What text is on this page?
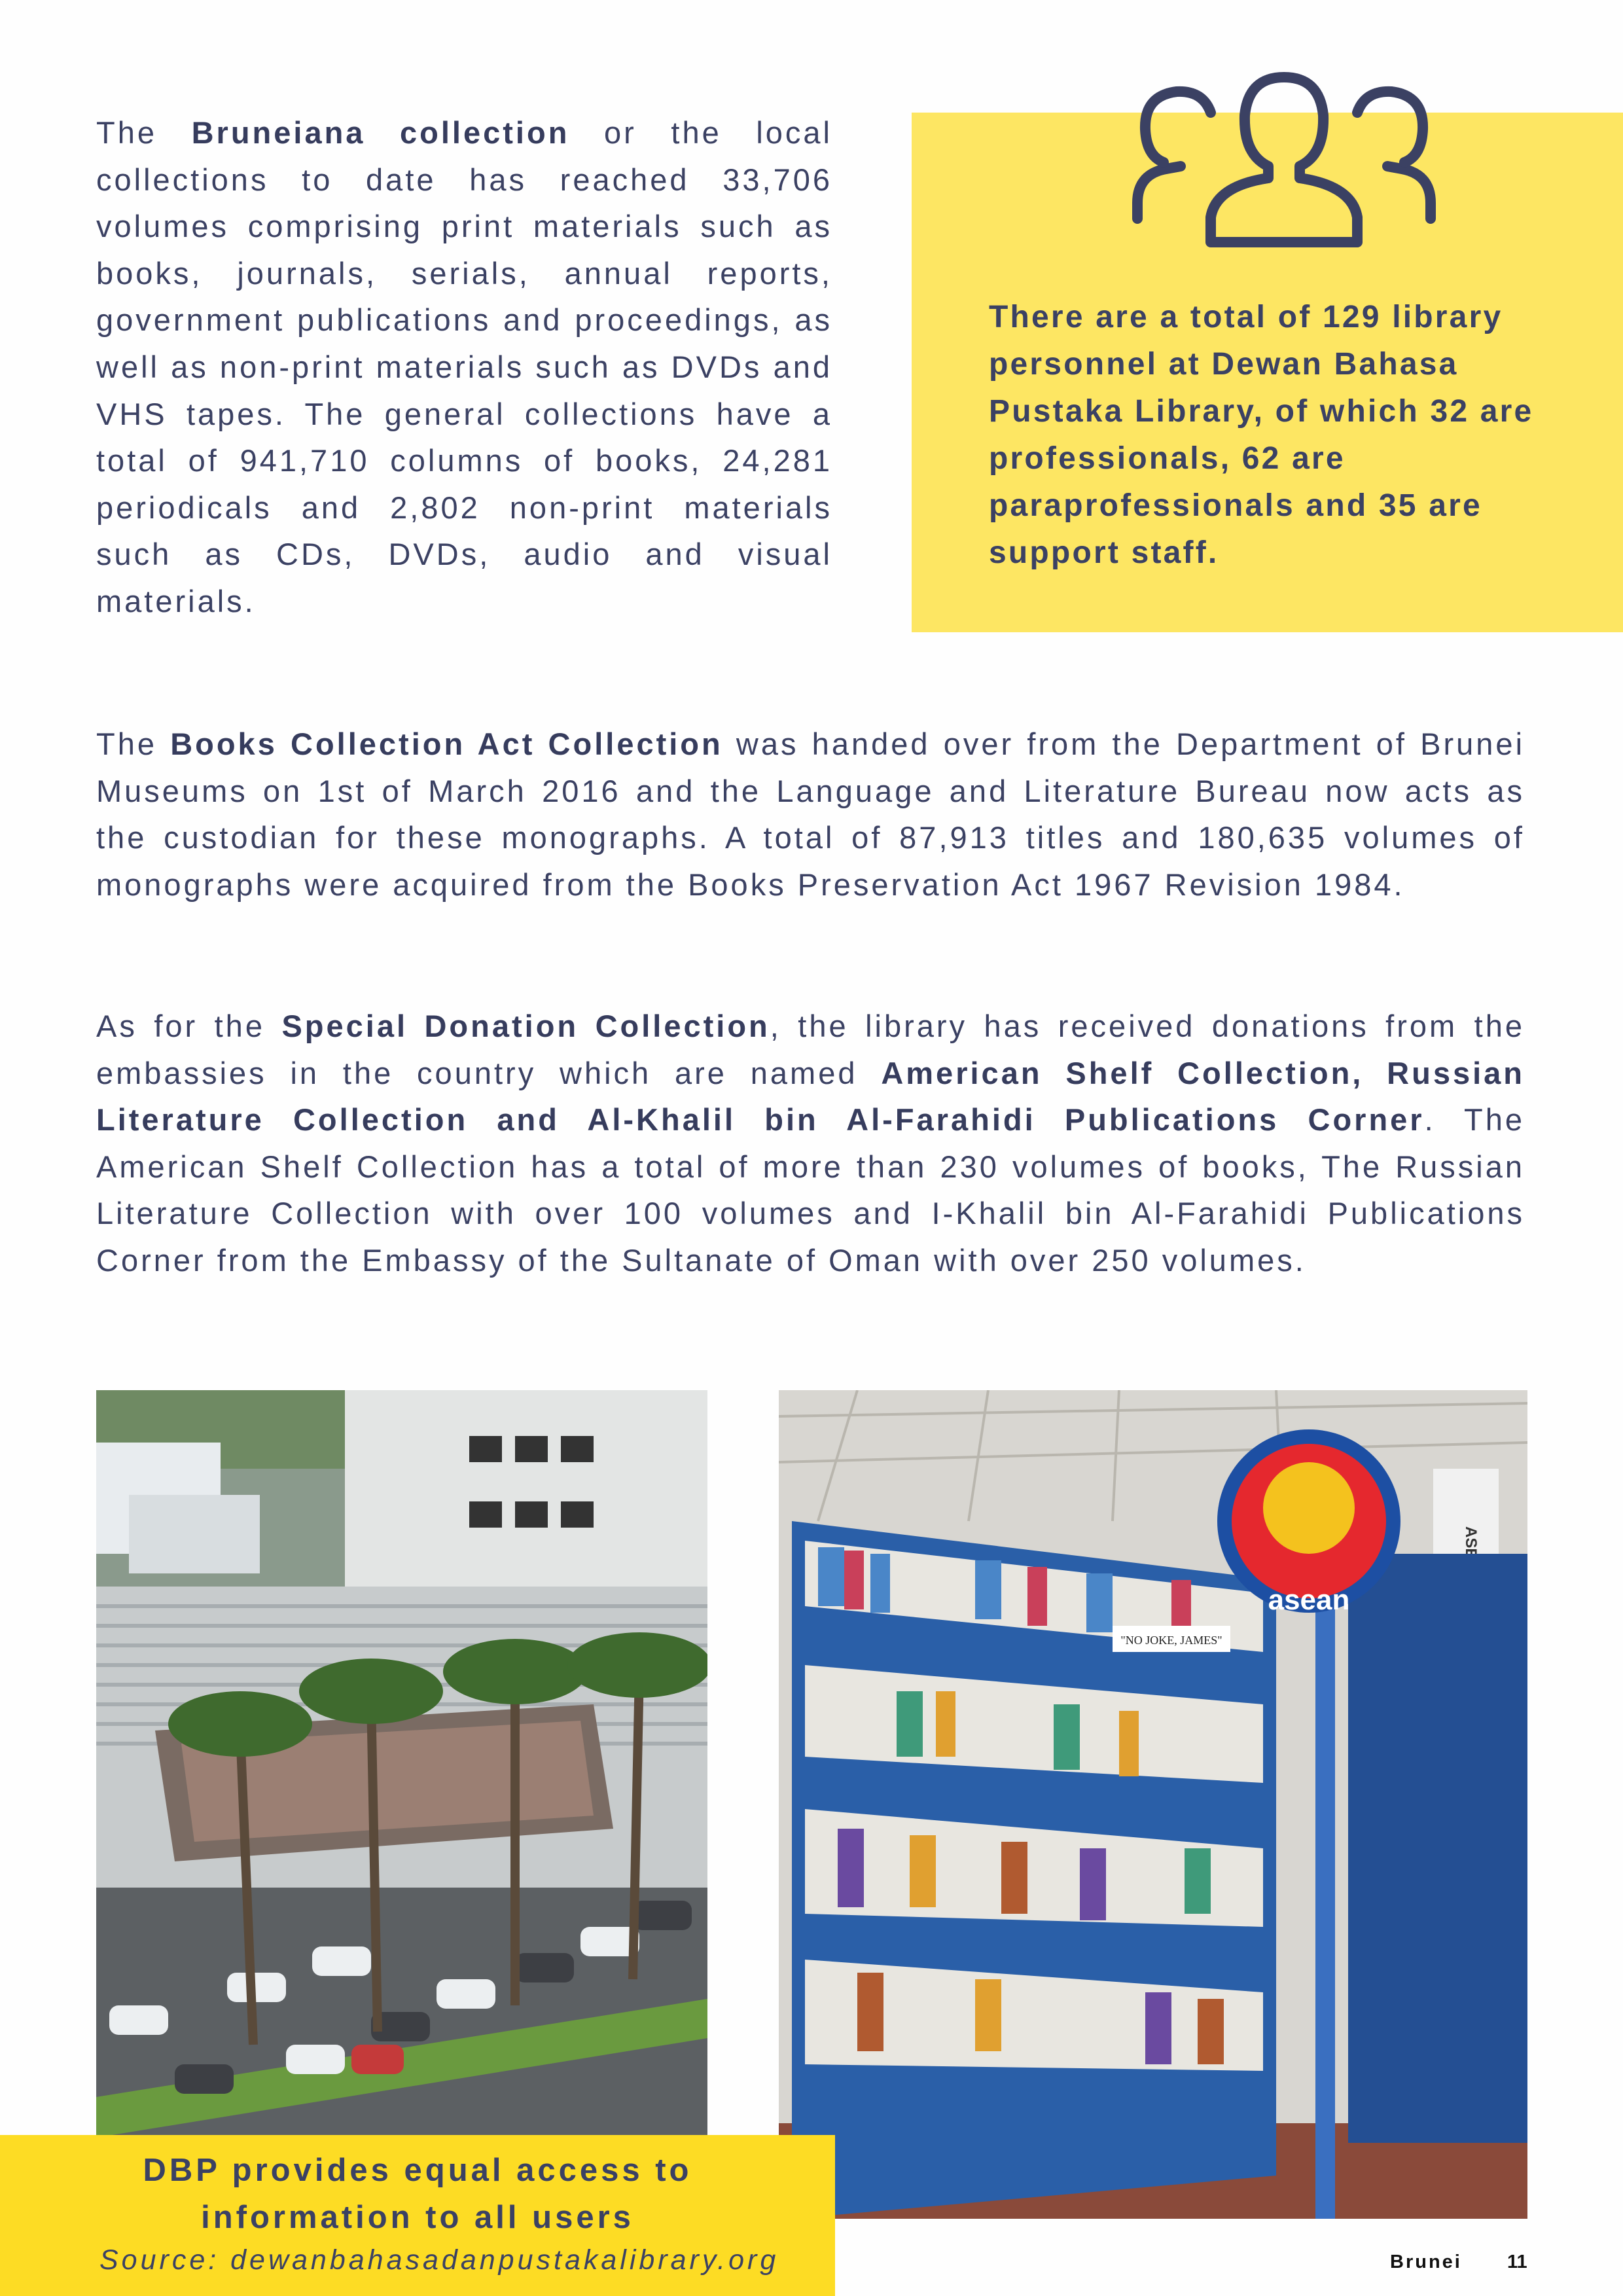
The Bruneiana collection or the local collections to date has reached 33,706 volumes comprising print materials such as books, journals, serials, annual reports, government publications and proceedings, as well as non-print materials such as DVDs and VHS tapes. The general collections have a total of 941,710 columns of books, 24,281 periodicals and 2,802 non-print materials such as CDs, DVDs, audio and visual materials.

There are a total of 129 library personnel at Dewan Bahasa Pustaka Library, of which 32 are professionals, 62 are paraprofessionals and 35 are support staff.

The Books Collection Act Collection was handed over from the Department of Brunei Museums on 1st of March 2016 and the Language and Literature Bureau now acts as the custodian for these monographs. A total of 87,913 titles and 180,635 volumes of monographs were acquired from the Books Preservation Act 1967 Revision 1984.

As for the Special Donation Collection, the library has received donations from the embassies in the country which are named American Shelf Collection, Russian Literature Collection and Al-Khalil bin Al-Farahidi Publications Corner. The American Shelf Collection has a total of more than 230 volumes of books, The Russian Literature Collection with over 100 volumes and I-Khalil bin Al-Farahidi Publications Corner from the Embassy of the Sultanate of Oman with over 250 volumes.

asean
"NO JOKE, JAMES"

DBP provides equal access to
information to all users

Source: dewanbahasadanpustakalibrary.org	Brunei 11
